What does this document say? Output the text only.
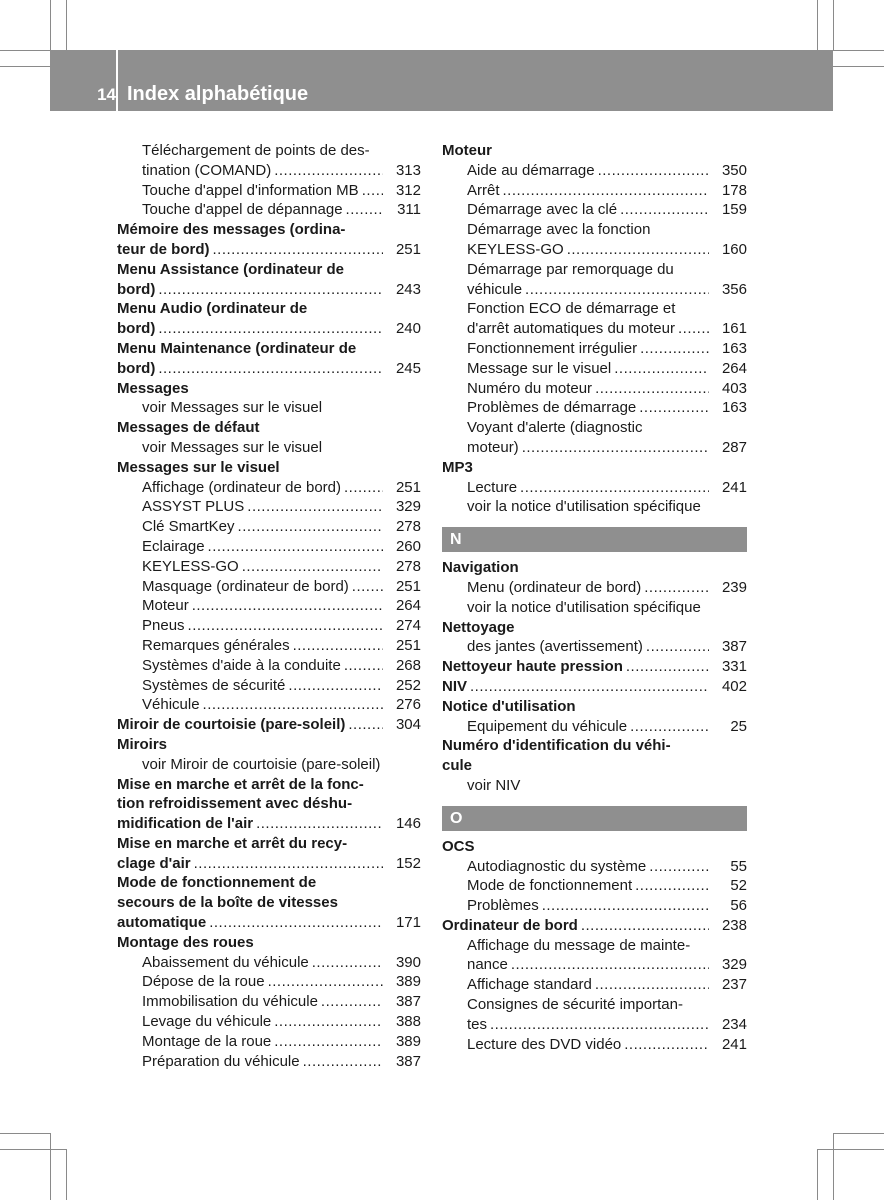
14 Index alphabétique
Téléchargement de points de des-
tination (COMAND) .....	313
Touche d'appel d'information MB .....	312
Touche d'appel de dépannage .....	311
Mémoire des messages (ordina-
teur de bord) .....	251
Menu Assistance (ordinateur de
bord) .....	243
Menu Audio (ordinateur de
bord) .....	240
Menu Maintenance (ordinateur de
bord) .....	245
Messages
voir Messages sur le visuel
Messages de défaut
voir Messages sur le visuel
Messages sur le visuel
Affichage (ordinateur de bord) .....	251
ASSYST PLUS .....	329
Clé SmartKey .....	278
Eclairage .....	260
KEYLESS-GO .....	278
Masquage (ordinateur de bord) .....	251
Moteur .....	264
Pneus .....	274
Remarques générales .....	251
Systèmes d'aide à la conduite .....	268
Systèmes de sécurité .....	252
Véhicule .....	276
Miroir de courtoisie (pare-soleil) .....	304
Miroirs
voir Miroir de courtoisie (pare-soleil)
Mise en marche et arrêt de la fonc-
tion refroidissement avec déshu-
midification de l'air .....	146
Mise en marche et arrêt du recy-
clage d'air .....	152
Mode de fonctionnement de
secours de la boîte de vitesses
automatique .....	171
Montage des roues
Abaissement du véhicule .....	390
Dépose de la roue .....	389
Immobilisation du véhicule .....	387
Levage du véhicule .....	388
Montage de la roue .....	389
Préparation du véhicule .....	387
Moteur
Aide au démarrage .....	350
Arrêt .....	178
Démarrage avec la clé .....	159
Démarrage avec la fonction
KEYLESS-GO .....	160
Démarrage par remorquage du
véhicule .....	356
Fonction ECO de démarrage et
d'arrêt automatiques du moteur .....	161
Fonctionnement irrégulier .....	163
Message sur le visuel .....	264
Numéro du moteur .....	403
Problèmes de démarrage .....	163
Voyant d'alerte (diagnostic
moteur) .....	287
MP3
Lecture .....	241
voir la notice d'utilisation spécifique
N
Navigation
Menu (ordinateur de bord) .....	239
voir la notice d'utilisation spécifique
Nettoyage
des jantes (avertissement) .....	387
Nettoyeur haute pression .....	331
NIV .....	402
Notice d'utilisation
Equipement du véhicule .....	25
Numéro d'identification du véhi-
cule
voir NIV
O
OCS
Autodiagnostic du système .....	55
Mode de fonctionnement .....	52
Problèmes .....	56
Ordinateur de bord .....	238
Affichage du message de mainte-
nance .....	329
Affichage standard .....	237
Consignes de sécurité importan-
tes .....	234
Lecture des DVD vidéo .....	241
